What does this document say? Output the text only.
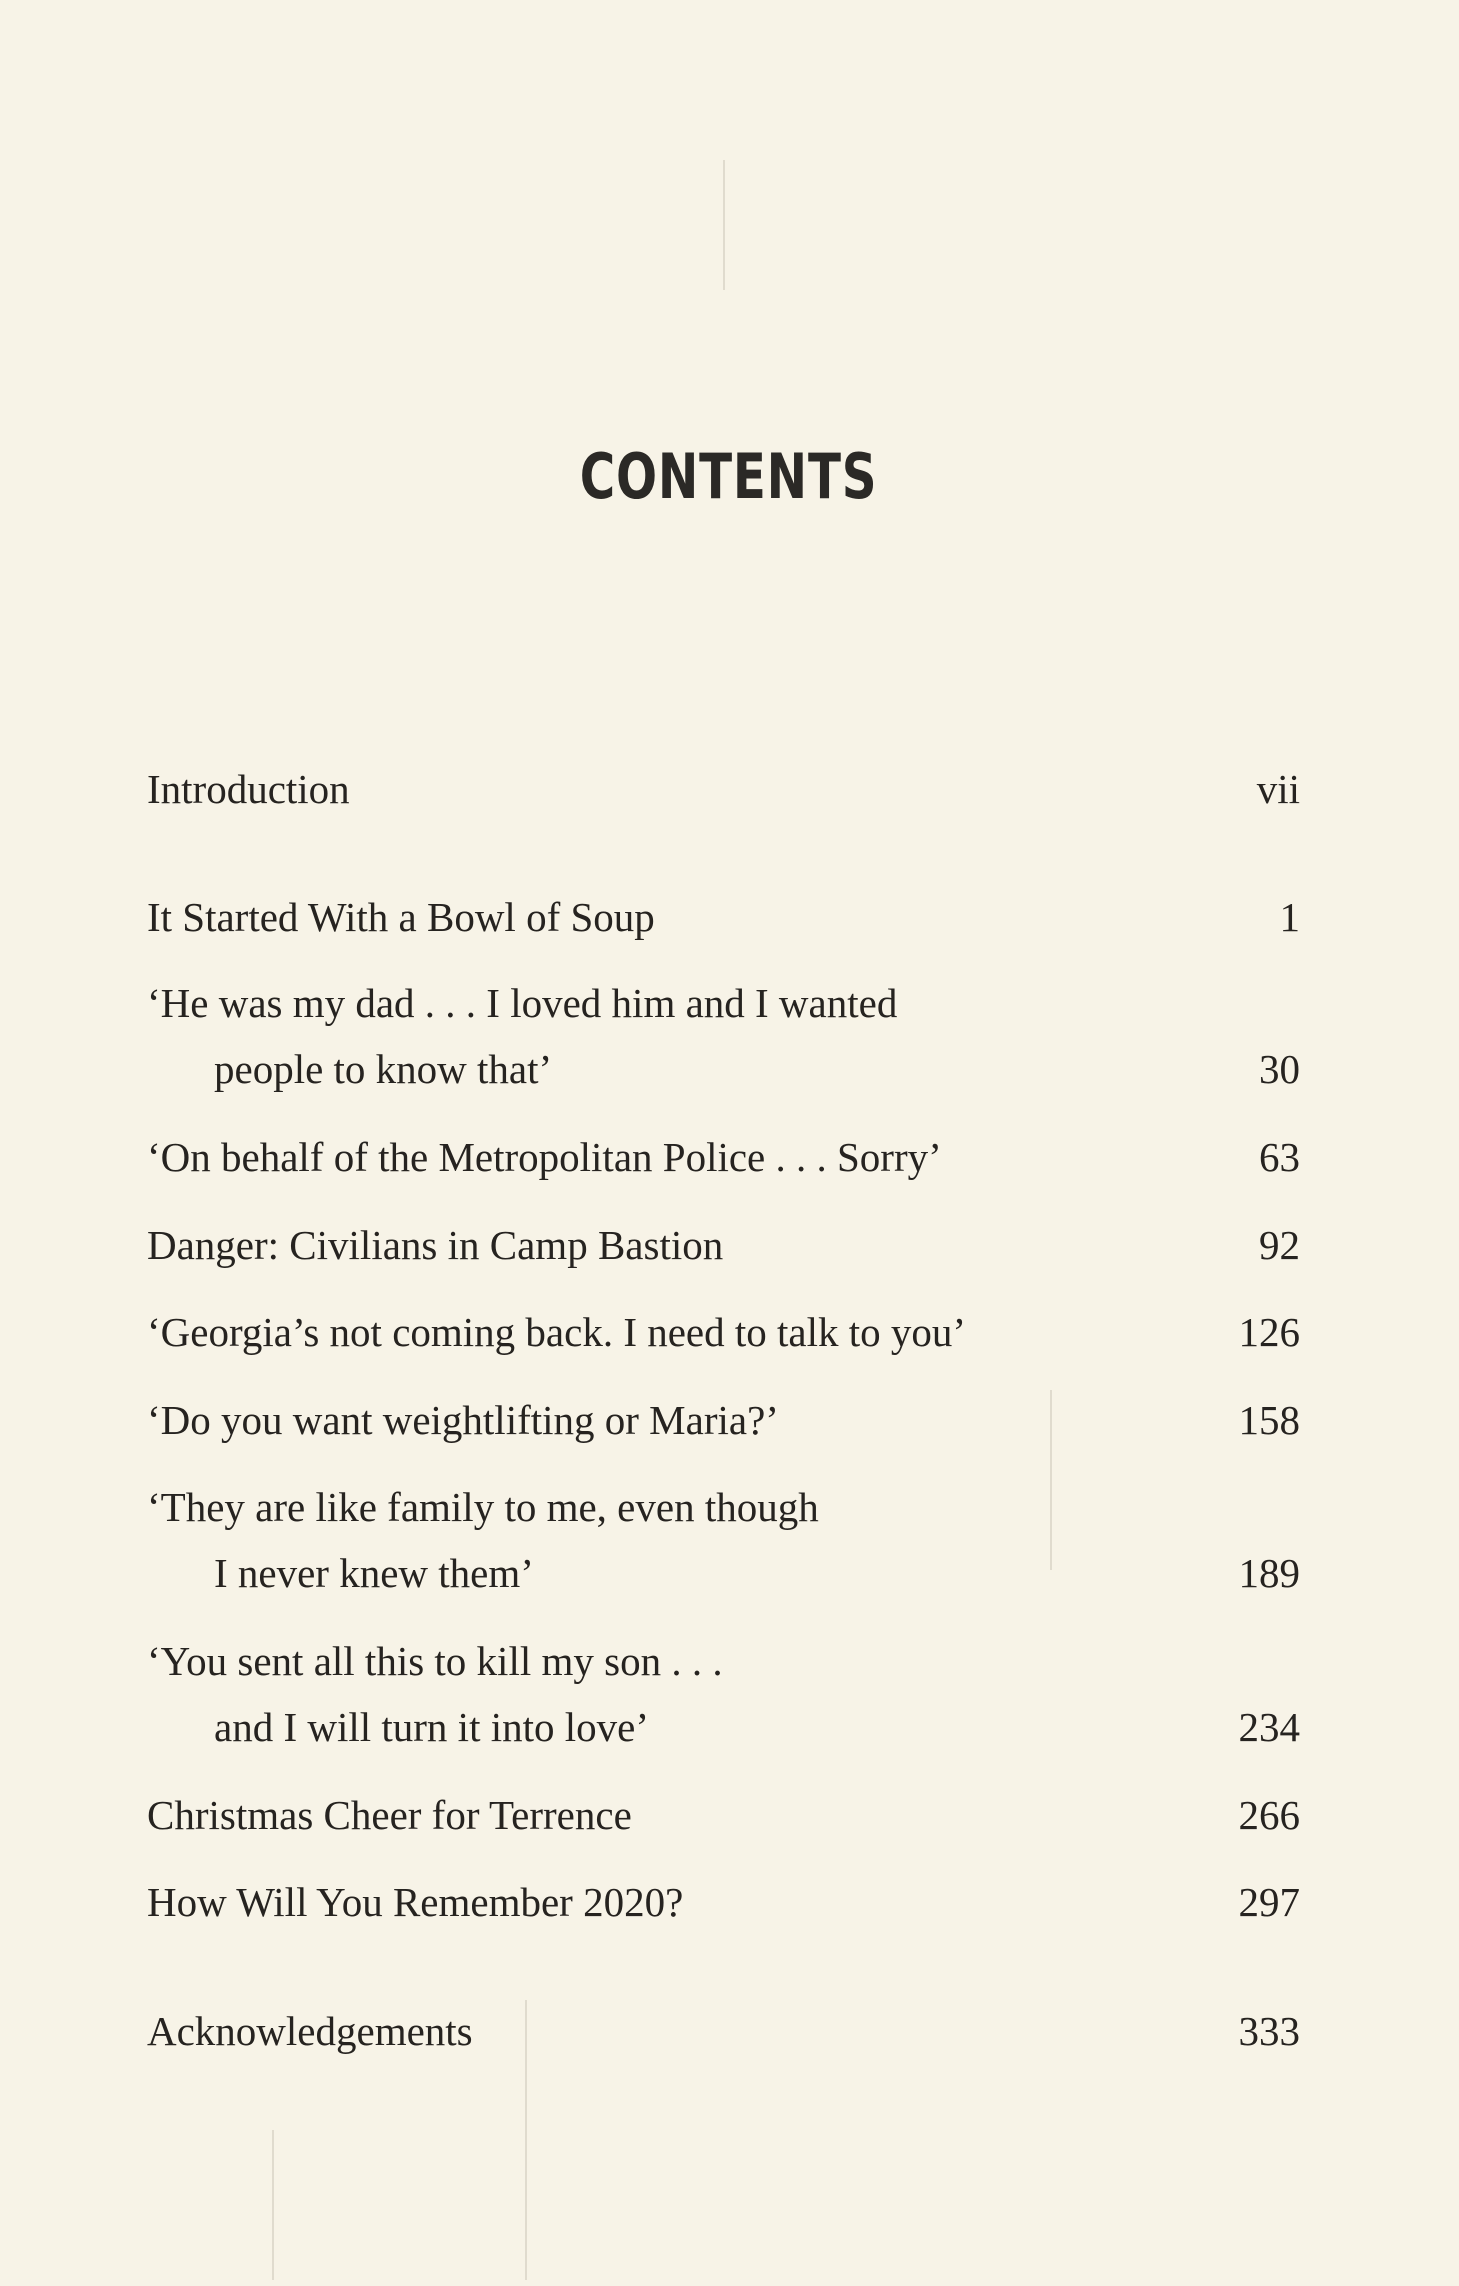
CONTENTS
Introduction	vii
It Started With a Bowl of Soup	1
‘He was my dad . . . I loved him and I wanted
people to know that’	30
‘On behalf of the Metropolitan Police . . . Sorry’	63
Danger: Civilians in Camp Bastion	92
‘Georgia’s not coming back. I need to talk to you’	126
‘Do you want weightlifting or Maria?’	158
‘They are like family to me, even though
I never knew them’	189
‘You sent all this to kill my son . . .
and I will turn it into love’	234
Christmas Cheer for Terrence	266
How Will You Remember 2020?	297
Acknowledgements	333
